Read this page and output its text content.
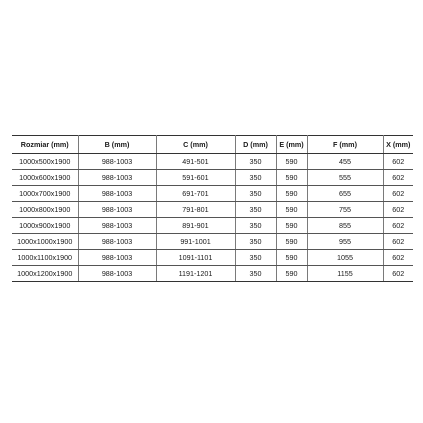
Rozmiar (mm)	B (mm)	C (mm)	D (mm)	E (mm)	F (mm)	X (mm)
1000x500x1900	988-1003	491-501	350	590	455	602
1000x600x1900	988-1003	591-601	350	590	555	602
1000x700x1900	988-1003	691-701	350	590	655	602
1000x800x1900	988-1003	791-801	350	590	755	602
1000x900x1900	988-1003	891-901	350	590	855	602
1000x1000x1900	988-1003	991-1001	350	590	955	602
1000x1100x1900	988-1003	1091-1101	350	590	1055	602
1000x1200x1900	988-1003	1191-1201	350	590	1155	602
